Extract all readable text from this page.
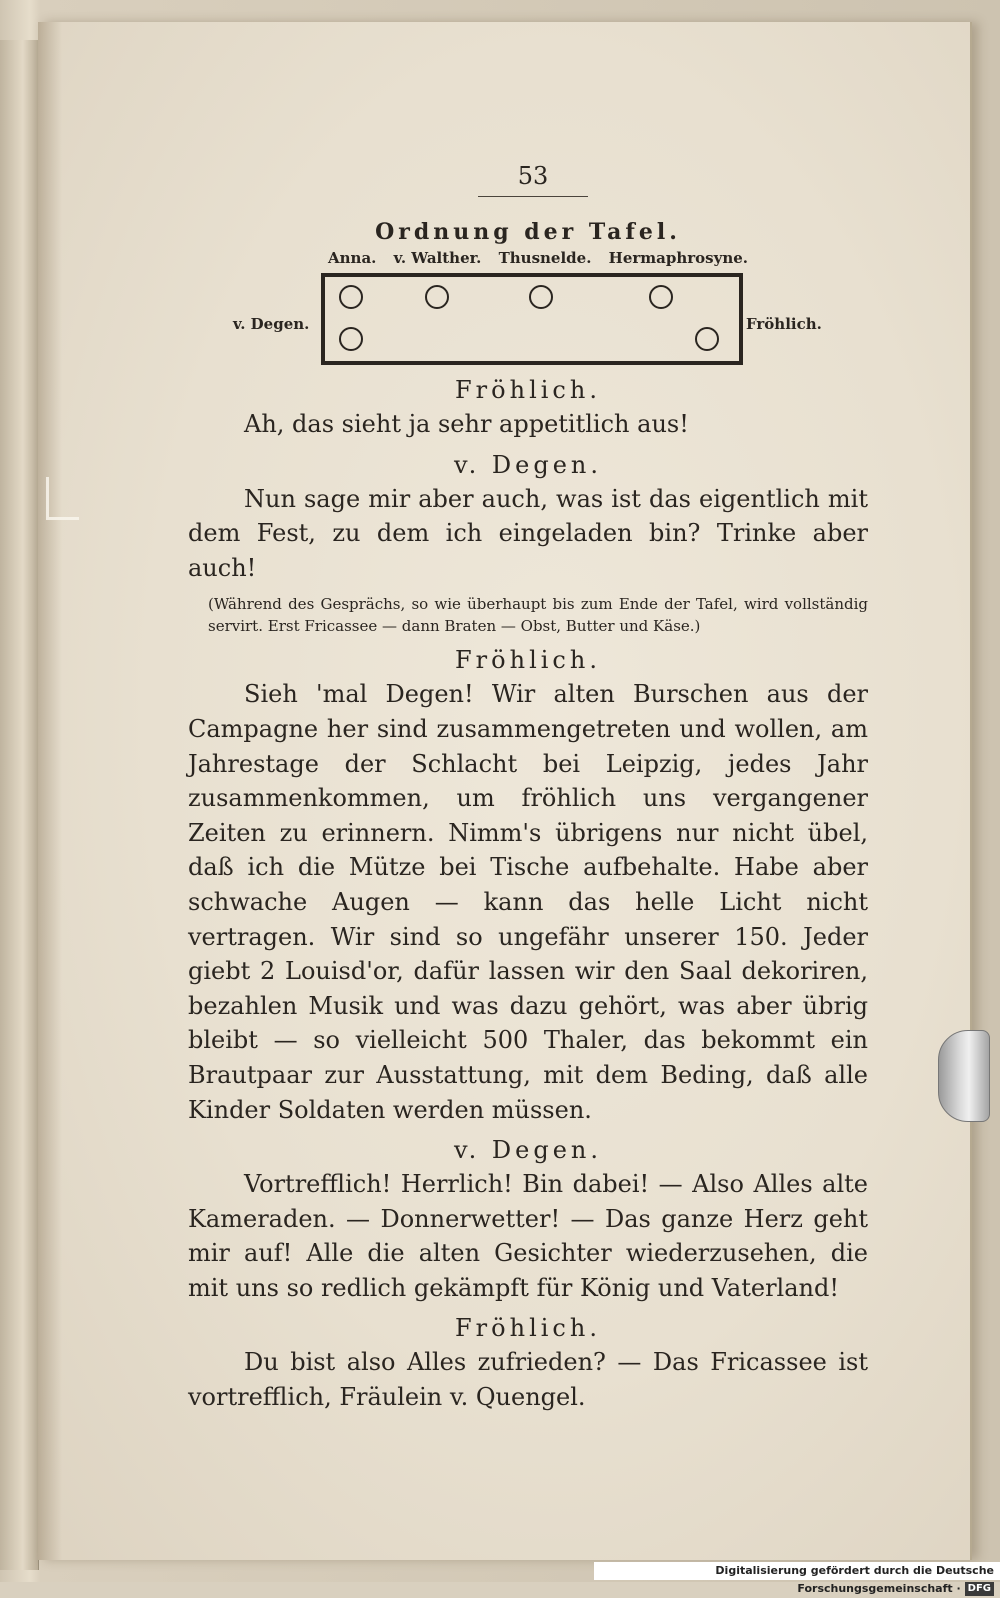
53
Ordnung der Tafel.
Anna. v. Walther. Thusnelde. Hermaphrosyne.
v. Degen.	Fröhlich.
Fröhlich.
Ah, das sieht ja sehr appetitlich aus!
v. Degen.
Nun sage mir aber auch, was ist das eigentlich mit dem Fest, zu dem ich eingeladen bin? Trinke aber auch!
(Während des Gesprächs, so wie überhaupt bis zum Ende der Tafel, wird vollständig servirt. Erst Fricassee — dann Braten — Obst, Butter und Käse.)
Fröhlich.
Sieh 'mal Degen! Wir alten Burschen aus der Campagne her sind zusammengetreten und wollen, am Jahrestage der Schlacht bei Leipzig, jedes Jahr zusammenkommen, um fröhlich uns vergangener Zeiten zu erinnern. Nimm's übrigens nur nicht übel, daß ich die Mütze bei Tische aufbehalte. Habe aber schwache Augen — kann das helle Licht nicht vertragen. Wir sind so ungefähr unserer 150. Jeder giebt 2 Louisd'or, dafür lassen wir den Saal dekoriren, bezahlen Musik und was dazu gehört, was aber übrig bleibt — so vielleicht 500 Thaler, das bekommt ein Brautpaar zur Ausstattung, mit dem Beding, daß alle Kinder Soldaten werden müssen.
v. Degen.
Vortrefflich! Herrlich! Bin dabei! — Also Alles alte Kameraden. — Donnerwetter! — Das ganze Herz geht mir auf! Alle die alten Gesichter wiederzusehen, die mit uns so redlich gekämpft für König und Vaterland!
Fröhlich.
Du bist also Alles zufrieden? — Das Fricassee ist vortrefflich, Fräulein v. Quengel.
Digitalisierung gefördert durch die Deutsche Forschungsgemeinschaft · DFG
